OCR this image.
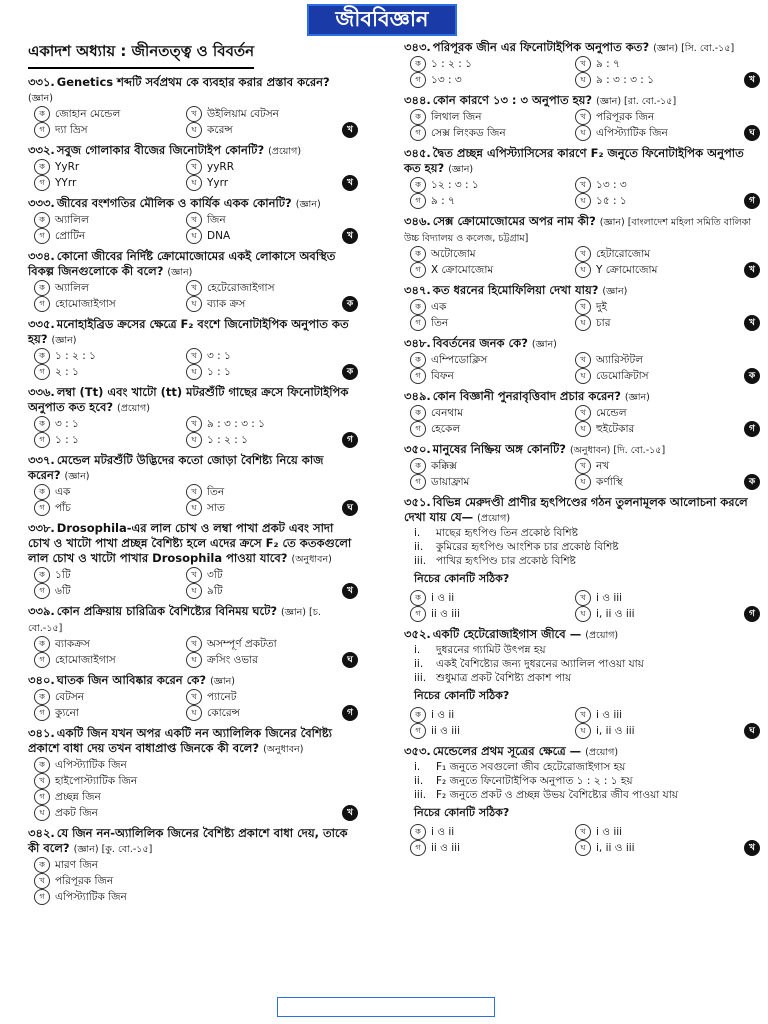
জীববিজ্ঞান
একাদশ অধ্যায় : জীনতত্ত্ব ও বিবর্তন
৩৩১. Genetics শব্দটি সর্বপ্রথম কে ব্যবহার করার প্রস্তাব করেন? (জ্ঞান)
ক জোহান মেন্ডেল	খ উইলিয়াম বেটসন
গ দ্যা ভ্রিস	ঘ করেন্স	খ
৩৩২. সবুজ গোলাকার বীজের জিনোটাইপ কোনটি? (প্রয়োগ)
ক YyRr	খ yyRR
গ YYrr	ঘ Yyrr	খ
৩৩৩. জীবের বংশগতির মৌলিক ও কার্যিক একক কোনটি? (জ্ঞান)
ক অ্যালিল	খ জিন
গ প্রোটিন	ঘ DNA	খ
৩৩৪. কোনো জীবের নির্দিষ্ট ক্রোমোজোমের একই লোকাসে অবস্থিত বিকল্প জিনগুলোকে কী বলে? (জ্ঞান)
ক অ্যালিল	খ হেটেরোজাইগাস
গ হোমোজাইগাস	ঘ ব্যাক ক্রস	ক
৩৩৫. মনোহাইব্রিড ক্রসের ক্ষেত্রে F₂ বংশে জিনোটাইপিক অনুপাত কত হয়? (জ্ঞান)
ক ১ : ২ : ১	খ ৩ : ১
গ ২ : ১	ঘ ১ : ১	ক
৩৩৬. লম্বা (Tt) এবং খাটো (tt) মটরশুঁটি গাছের ক্রসে ফিনোটাইপিক অনুপাত কত হবে? (প্রয়োগ)
ক ৩ : ১	খ ৯ : ৩ : ৩ : ১
গ ১ : ১	ঘ ১ : ২ : ১	গ
৩৩৭. মেন্ডেল মটরশুঁটি উদ্ভিদের কতো জোড়া বৈশিষ্ট্য নিয়ে কাজ করেন? (জ্ঞান)
ক এক	খ তিন
গ পাঁচ	ঘ সাত	ঘ
৩৩৮. Drosophila-এর লাল চোখ ও লম্বা পাখা প্রকট এবং সাদা চোখ ও খাটো পাখা প্রচ্ছন্ন বৈশিষ্ট্য হলে এদের ক্রসে F₂ তে কতকগুলো লাল চোখ ও খাটো পাখার Drosophila পাওয়া যাবে? (অনুধাবন)
ক ১টি	খ ৩টি
গ ৬টি	ঘ ৯টি	খ
৩৩৯. কোন প্রক্রিয়ায় চারিত্রিক বৈশিষ্ট্যের বিনিময় ঘটে? (জ্ঞান) [চ. বো.-১৫]
ক ব্যাকক্রস	খ অসম্পূর্ণ প্রকটতা
গ হোমোজাইগাস	ঘ ক্রসিং ওভার	ঘ
৩৪০. ঘাতক জিন আবিষ্কার করেন কে? (জ্ঞান)
ক বেটসন	খ প্যানেট
গ ক্যুনো	ঘ কোরেন্স	গ
৩৪১. একটি জিন যখন অপর একটি নন অ্যালিলিক জিনের বৈশিষ্ট্য প্রকাশে বাধা দেয় তখন বাধাপ্রাপ্ত জিনকে কী বলে? (অনুধাবন)
ক এপিস্ট্যাটিক জিন
খ হাইপোস্ট্যাটিক জিন
গ প্রচ্ছন্ন জিন
ঘ প্রকট জিন	খ
৩৪২. যে জিন নন-অ্যালিলিক জিনের বৈশিষ্ট্য প্রকাশে বাধা দেয়, তাকে কী বলে? (জ্ঞান) [কু. বো.-১৫]
ক মারণ জিন
খ পরিপূরক জিন
গ এপিস্ট্যাটিক জিন
৩৪৩. পরিপূরক জীন এর ফিনোটাইপিক অনুপাত কত? (জ্ঞান) [সি. বো.-১৫]
ক ১ : ২ : ১	খ ৯ : ৭
গ ১৩ : ৩	ঘ ৯ : ৩ : ৩ : ১	খ
৩৪৪. কোন কারণে ১৩ : ৩ অনুপাত হয়? (জ্ঞান) [রা. বো.-১৫]
ক লিথাল জিন	খ পরিপূরক জিন
গ সেক্স লিংকড জিন	ঘ এপিস্ট্যাটিক জিন	ঘ
৩৪৫. দ্বৈত প্রচ্ছন্ন এপিস্ট্যাসিসের কারণে F₂ জনুতে ফিনোটাইপিক অনুপাত কত হয়? (জ্ঞান)
ক ১২ : ৩ : ১	খ ১৩ : ৩
গ ৯ : ৭	ঘ ১৫ : ১	গ
৩৪৬. সেক্স ক্রোমোজোমের অপর নাম কী? (জ্ঞান) [বাংলাদেশ মহিলা সমিতি বালিকা উচ্চ বিদ্যালয় ও কলেজ, চট্টগ্রাম]
ক অটোজোম	খ হেটারোজোম
গ X ক্রোমোজোম	ঘ Y ক্রোমোজোম	খ
৩৪৭. কত ধরনের হিমোফিলিয়া দেখা যায়? (জ্ঞান)
ক এক	খ দুই
গ তিন	ঘ চার	খ
৩৪৮. বিবর্তনের জনক কে? (জ্ঞান)
ক এম্পিডোক্লিস	খ অ্যারিস্টটল
গ বিফন	ঘ ডেমোক্রিটাস	ক
৩৪৯. কোন বিজ্ঞানী পুনরাবৃত্তিবাদ প্রচার করেন? (জ্ঞান)
ক বেনথাম	খ মেন্ডেল
গ হেকেল	ঘ হুইটেকার	গ
৩৫০. মানুষের নিষ্ক্রিয় অঙ্গ কোনটি? (অনুধাবন) [দি. বো.-১৫]
ক কক্কিক্স	খ নখ
গ ডায়াফ্রাম	ঘ কর্ণাস্থি	ক
৩৫১. বিভিন্ন মেরুদণ্ডী প্রাণীর হৃৎপিণ্ডের গঠন তুলনামূলক আলোচনা করলে দেখা যায় যে— (প্রয়োগ)
i.	মাছের হৃৎপিণ্ড তিন প্রকোষ্ঠ বিশিষ্ট
ii.	কুমিরের হৃৎপিণ্ড আংশিক চার প্রকোষ্ঠ বিশিষ্ট
iii. পাখির হৃৎপিণ্ড চার প্রকোষ্ঠ বিশিষ্ট
নিচের কোনটি সঠিক?
ক i ও ii	খ i ও iii
গ ii ও iii	ঘ i, ii ও iii	গ
৩৫২. একটি হেটেরোজাইগাস জীবে — (প্রয়োগ)
i.	দুধরনের গ্যামিট উৎপন্ন হয়
ii.	একই বৈশিষ্ট্যের জন্য দুধরনের অ্যালিল পাওয়া যায়
iii. শুধুমাত্র প্রকট বৈশিষ্ট্য প্রকাশ পায়
নিচের কোনটি সঠিক?
ক i ও ii	খ i ও iii
গ ii ও iii	ঘ i, ii ও iii	ঘ
৩৫৩. মেন্ডেলের প্রথম সূত্রের ক্ষেত্রে — (প্রয়োগ)
i.	F₁ জনুতে সবগুলো জীব হেটেরোজাইগাস হয়
ii.	F₂ জনুতে ফিনোটাইপিক অনুপাত ১ : ২ : ১ হয়
iii. F₂ জনুতে প্রকট ও প্রচ্ছন্ন উভয় বৈশিষ্ট্যের জীব পাওয়া যায়
নিচের কোনটি সঠিক?
ক i ও ii	খ i ও iii
গ ii ও iii	ঘ i, ii ও iii	খ
